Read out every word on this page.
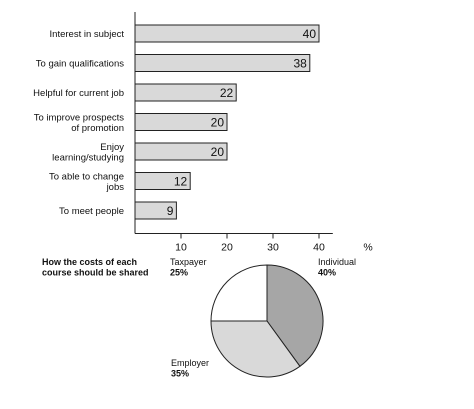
40
Interest in subject
38
To gain qualifications
22
Helpful for current job
20
To improve prospects
of promotion
20
Enjoy
learning/studying
12
To able to change
jobs
9
To meet people
10	20	30	40	%
How the costs of each
course should be shared
Individual
40%
Employer
35%
Taxpayer
25%
